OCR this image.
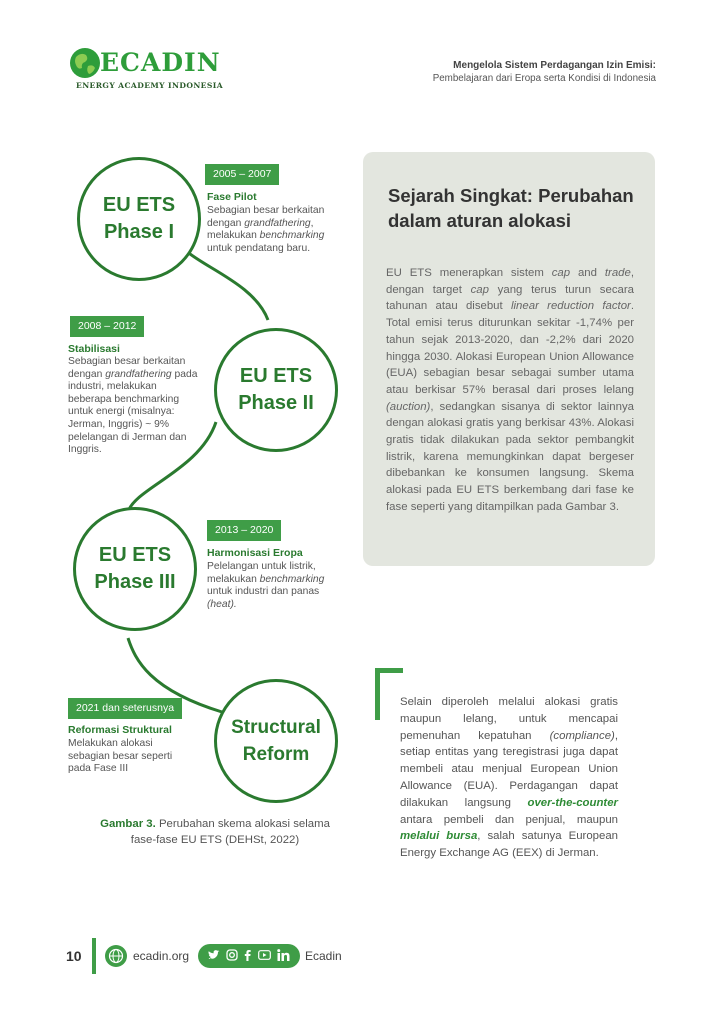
ECADIN
ENERGY ACADEMY INDONESIA
Mengelola Sistem Perdagangan Izin Emisi:
Pembelajaran dari Eropa serta Kondisi di Indonesia
EU ETS
Phase I
2005 – 2007
Fase Pilot
Sebagian besar berkaitan dengan grandfathering, melakukan benchmarking untuk pendatang baru.
EU ETS
Phase II
2008 – 2012
Stabilisasi
Sebagian besar berkaitan dengan grandfathering pada industri, melakukan beberapa benchmarking untuk energi (misalnya: Jerman, Inggris) ~ 9% pelelangan di Jerman dan Inggris.
EU ETS
Phase III
2013 – 2020
Harmonisasi Eropa
Pelelangan untuk listrik, melakukan benchmarking untuk industri dan panas (heat).
Structural
Reform
2021 dan seterusnya
Reformasi Struktural
Melakukan alokasi sebagian besar seperti pada Fase III
Gambar 3. Perubahan skema alokasi selama fase-fase EU ETS (DEHSt, 2022)
Sejarah Singkat: Perubahan dalam aturan alokasi
EU ETS menerapkan sistem cap and trade, dengan target cap yang terus turun secara tahunan atau disebut linear reduction factor. Total emisi terus diturunkan sekitar -1,74% per tahun sejak 2013-2020, dan -2,2% dari 2020 hingga 2030. Alokasi European Union Allowance (EUA) sebagian besar sebagai sumber utama atau berkisar 57% berasal dari proses lelang (auction), sedangkan sisanya di sektor lainnya dengan alokasi gratis yang berkisar 43%. Alokasi gratis tidak dilakukan pada sektor pembangkit listrik, karena memungkinkan dapat bergeser dibebankan ke konsumen langsung. Skema alokasi pada EU ETS berkembang dari fase ke fase seperti yang ditampilkan pada Gambar 3.
Selain diperoleh melalui alokasi gratis maupun lelang, untuk mencapai pemenuhan kepatuhan (compliance), setiap entitas yang teregistrasi juga dapat membeli atau menjual European Union Allowance (EUA). Perdagangan dapat dilakukan langsung over-the-counter antara pembeli dan penjual, maupun melalui bursa, salah satunya European Energy Exchange AG (EEX) di Jerman.
10	ecadin.org	Ecadin
